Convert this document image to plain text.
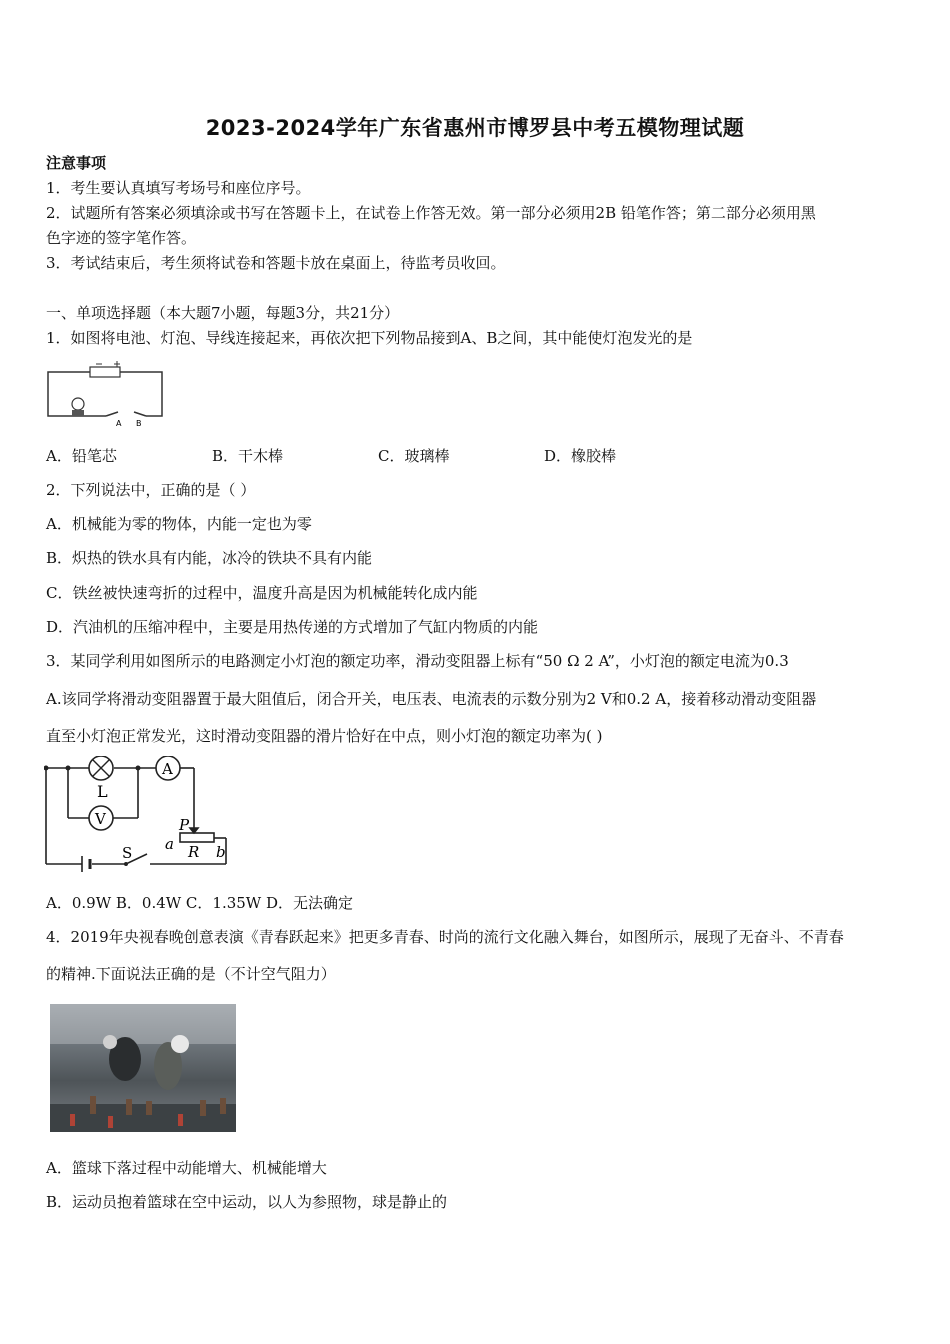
2023-2024学年广东省惠州市博罗县中考五模物理试题
注意事项
1．考生要认真填写考场号和座位序号。
2．试题所有答案必须填涂或书写在答题卡上，在试卷上作答无效。第一部分必须用2B 铅笔作答；第二部分必须用黑
色字迹的签字笔作答。
3．考试结束后，考生须将试卷和答题卡放在桌面上，待监考员收回。
一、单项选择题（本大题7小题，每题3分，共21分）
1．如图将电池、灯泡、导线连接起来，再依次把下列物品接到A、B之间，其中能使灯泡发光的是
A B
A．铅笔芯	B．干木棒	C．玻璃棒	D．橡胶棒
2．下列说法中，正确的是（ ）
A．机械能为零的物体，内能一定也为零
B．炽热的铁水具有内能，冰冷的铁块不具有内能
C．铁丝被快速弯折的过程中，温度升高是因为机械能转化成内能
D．汽油机的压缩冲程中，主要是用热传递的方式增加了气缸内物质的内能
3．某同学利用如图所示的电路测定小灯泡的额定功率，滑动变阻器上标有“50 Ω 2 A”，小灯泡的额定电流为0.3
A.该同学将滑动变阻器置于最大阻值后，闭合开关，电压表、电流表的示数分别为2 V和0.2 A，接着移动滑动变阻器
直至小灯泡正常发光，这时滑动变阻器的滑片恰好在中点，则小灯泡的额定功率为( )
A
V
L
P
a	b
R
S
A．0.9W B．0.4W C．1.35W D．无法确定
4．2019年央视春晚创意表演《青春跃起来》把更多青春、时尚的流行文化融入舞台，如图所示，展现了无奋斗、不青春
的精神.下面说法正确的是（不计空气阻力）
A．篮球下落过程中动能增大、机械能增大
B．运动员抱着篮球在空中运动，以人为参照物，球是静止的
